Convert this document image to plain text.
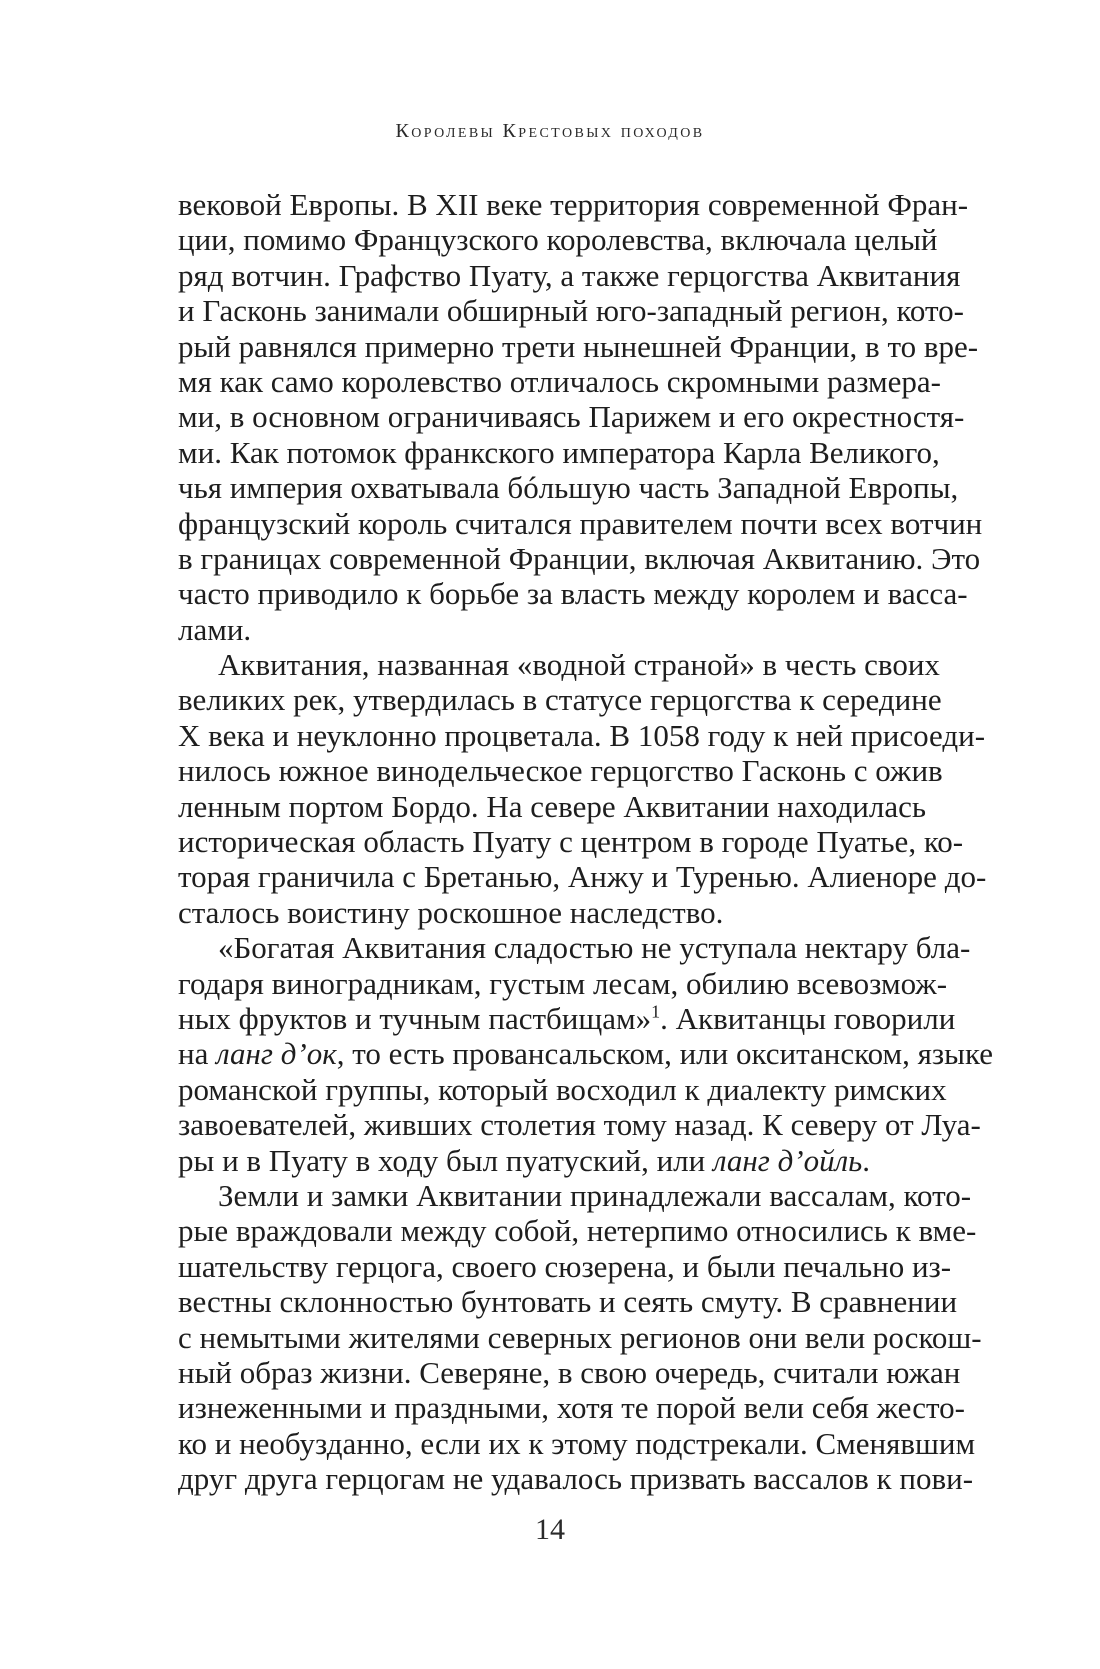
Королевы Крестовых походов
вековой Европы. В XII веке территория современной Фран-
ции, помимо Французского королевства, включала целый
ряд вотчин. Графство Пуату, а также герцогства Аквитания
и Гасконь занимали обширный юго-западный регион, кото-
рый равнялся примерно трети нынешней Франции, в то вре-
мя как само королевство отличалось скромными размера-
ми, в основном ограничиваясь Парижем и его окрестностя-
ми. Как потомок франкского императора Карла Великого,
чья империя охватывала бóльшую часть Западной Европы,
французский король считался правителем почти всех вотчин
в границах современной Франции, включая Аквитанию. Это
часто приводило к борьбе за власть между королем и васса-
лами.
Аквитания, названная «водной страной» в честь своих
великих рек, утвердилась в статусе герцогства к середине
X века и неуклонно процветала. В 1058 году к ней присоеди-
нилось южное винодельческое герцогство Гасконь с ожив
ленным портом Бордо. На севере Аквитании находилась
историческая область Пуату с центром в городе Пуатье, ко-
торая граничила с Бретанью, Анжу и Туренью. Алиеноре до-
сталось воистину роскошное наследство.
«Богатая Аквитания сладостью не уступала нектару бла-
годаря виноградникам, густым лесам, обилию всевозмож-
ных фруктов и тучным пастбищам»$^1$. Аквитанцы говорили
на ланг д’ок, то есть провансальском, или окситанском, языке
романской группы, который восходил к диалекту римских
завоевателей, живших столетия тому назад. К северу от Луа-
ры и в Пуату в ходу был пуатуский, или ланг д’ойль.
Земли и замки Аквитании принадлежали вассалам, кото-
рые враждовали между собой, нетерпимо относились к вме-
шательству герцога, своего сюзерена, и были печально из-
вестны склонностью бунтовать и сеять смуту. В сравнении
с немытыми жителями северных регионов они вели роскош-
ный образ жизни. Северяне, в свою очередь, считали южан
изнеженными и праздными, хотя те порой вели себя жесто-
ко и необузданно, если их к этому подстрекали. Сменявшим
друг друга герцогам не удавалось призвать вассалов к пови-
14
